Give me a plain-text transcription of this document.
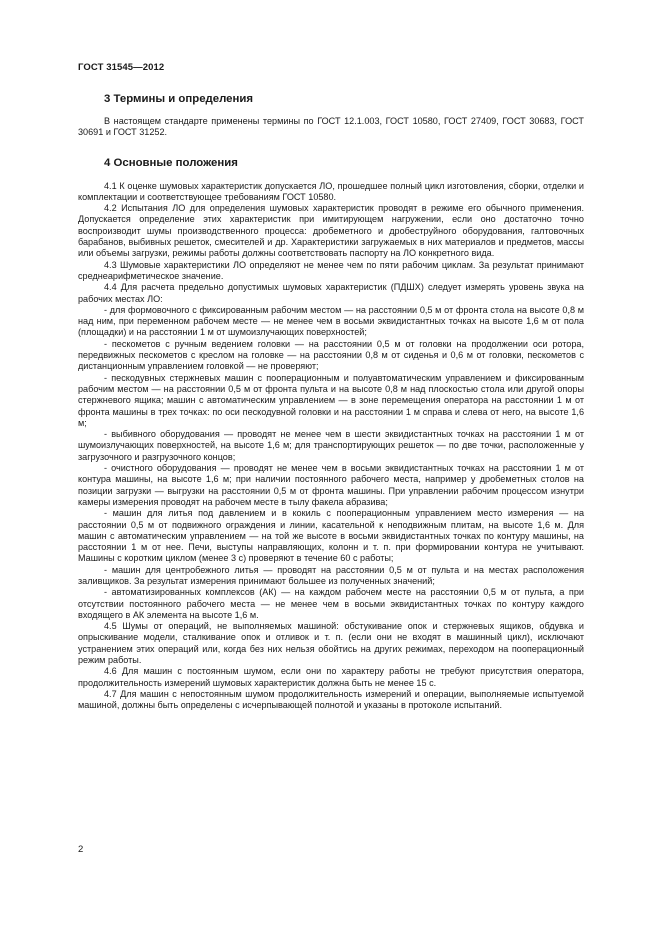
ГОСТ 31545—2012
3 Термины и определения

В настоящем стандарте применены термины по ГОСТ 12.1.003, ГОСТ 10580, ГОСТ 27409, ГОСТ 30683, ГОСТ 30691 и ГОСТ 31252.

4 Основные положения

4.1 К оценке шумовых характеристик допускается ЛО, прошедшее полный цикл изготовления, сборки, отделки и комплектации и соответствующее требованиям ГОСТ 10580.

4.2 Испытания ЛО для определения шумовых характеристик проводят в режиме его обычного применения. Допускается определение этих характеристик при имитирующем нагружении, если оно достаточно точно воспроизводит шумы производственного процесса: дробеметного и дробеструйного оборудования, галтовочных барабанов, выбивных решеток, смесителей и др. Характеристики загружаемых в них материалов и предметов, массы или объемы загрузки, режимы работы должны соответствовать паспорту на ЛО конкретного вида.

4.3 Шумовые характеристики ЛО определяют не менее чем по пяти рабочим циклам. За результат принимают среднеарифметическое значение.

4.4 Для расчета предельно допустимых шумовых характеристик (ПДШХ) следует измерять уровень звука на рабочих местах ЛО:

- для формовочного с фиксированным рабочим местом — на расстоянии 0,5 м от фронта стола на высоте 0,8 м над ним, при переменном рабочем месте — не менее чем в восьми эквидистантных точках на высоте 1,6 м от пола (площадки) и на расстоянии 1 м от шумоизлучающих поверхностей;

- пескометов с ручным ведением головки — на расстоянии 0,5 м от головки на продолжении оси ротора, передвижных пескометов с креслом на головке — на расстоянии 0,8 м от сиденья и 0,6 м от головки, пескометов с дистанционным управлением головкой — не проверяют;

- пескодувных стержневых машин с пооперационным и полуавтоматическим управлением и фиксированным рабочим местом — на расстоянии 0,5 м от фронта пульта и на высоте 0,8 м над плоскостью стола или другой опоры стержневого ящика; машин с автоматическим управлением — в зоне перемещения оператора на расстоянии 1 м от фронта машины в трех точках: по оси пескодувной головки и на расстоянии 1 м справа и слева от него, на высоте 1,6 м;

- выбивного оборудования — проводят не менее чем в шести эквидистантных точках на расстоянии 1 м от шумоизлучающих поверхностей, на высоте 1,6 м; для транспортирующих решеток — по две точки, расположенные у загрузочного и разгрузочного концов;

- очистного оборудования — проводят не менее чем в восьми эквидистантных точках на расстоянии 1 м от контура машины, на высоте 1,6 м; при наличии постоянного рабочего места, например у дробеметных столов на позиции загрузки — выгрузки на расстоянии 0,5 м от фронта машины. При управлении рабочим процессом изнутри камеры измерения проводят на рабочем месте в тылу факела абразива;

- машин для литья под давлением и в кокиль с пооперационным управлением место измерения — на расстоянии 0,5 м от подвижного ограждения и линии, касательной к неподвижным плитам, на высоте 1,6 м. Для машин с автоматическим управлением — на той же высоте в восьми эквидистантных точках по контуру машины, на расстоянии 1 м от нее. Печи, выступы направляющих, колонн и т. п. при формировании контура не учитывают. Машины с коротким циклом (менее 3 с) проверяют в течение 60 с работы;

- машин для центробежного литья — проводят на расстоянии 0,5 м от пульта и на местах расположения заливщиков. За результат измерения принимают большее из полученных значений;

- автоматизированных комплексов (АК) — на каждом рабочем месте на расстоянии 0,5 м от пульта, а при отсутствии постоянного рабочего места — не менее чем в восьми эквидистантных точках по контуру каждого входящего в АК элемента на высоте 1,6 м.

4.5 Шумы от операций, не выполняемых машиной: обстукивание опок и стержневых ящиков, обдувка и опрыскивание модели, сталкивание опок и отливок и т. п. (если они не входят в машинный цикл), исключают устранением этих операций или, когда без них нельзя обойтись на других режимах, переходом на пооперационный режим работы.

4.6 Для машин с постоянным шумом, если они по характеру работы не требуют присутствия оператора, продолжительность измерений шумовых характеристик должна быть не менее 15 с.

4.7 Для машин с непостоянным шумом продолжительность измерений и операции, выполняемые испытуемой машиной, должны быть определены с исчерпывающей полнотой и указаны в протоколе испытаний.

2
